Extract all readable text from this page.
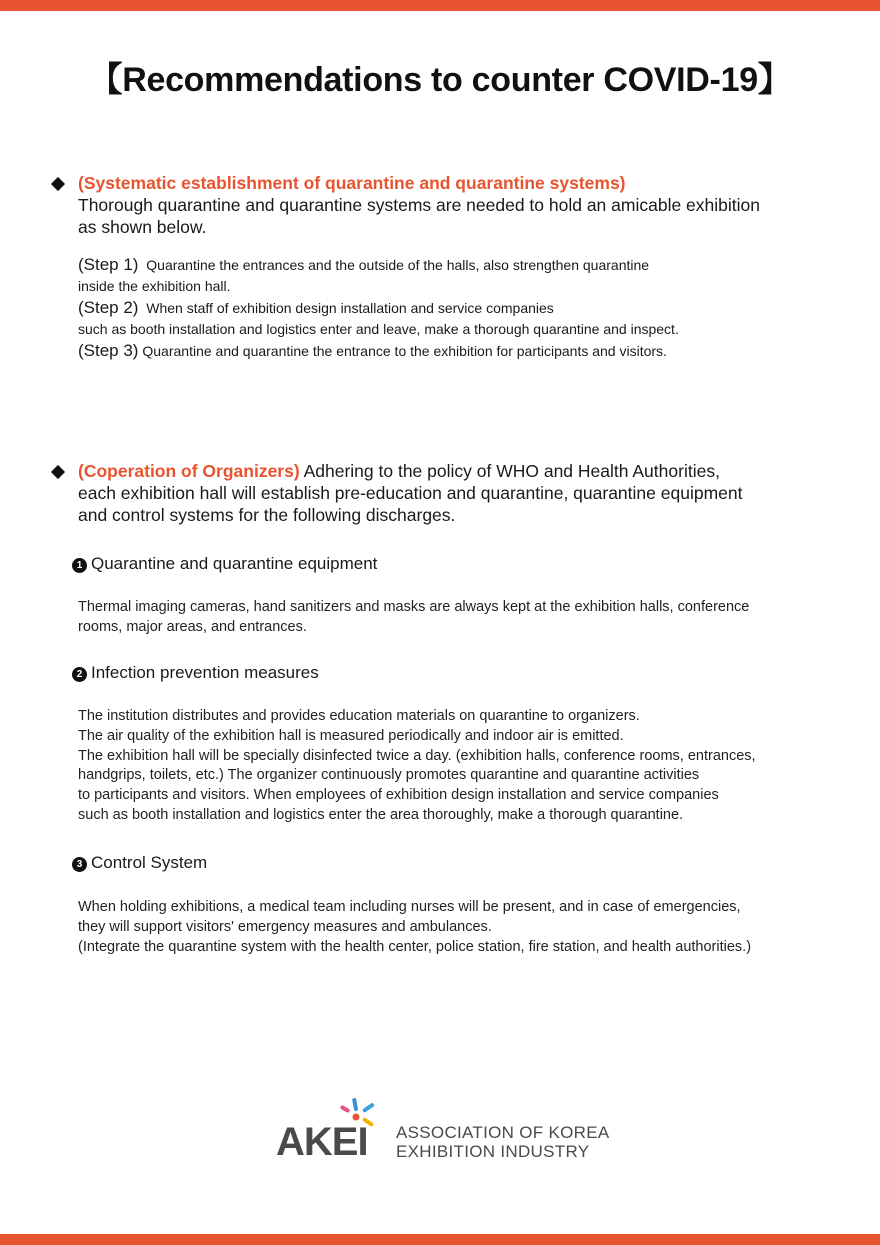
【Recommendations to counter COVID-19】
(Systematic establishment of quarantine and quarantine systems)
Thorough quarantine and quarantine systems are needed to hold an amicable exhibition
as shown below.
(Step 1) Quarantine the entrances and the outside of the halls, also strengthen quarantine
inside the exhibition hall.
(Step 2) When staff of exhibition design installation and service companies
such as booth installation and logistics enter and leave, make a thorough quarantine and inspect.
(Step 3) Quarantine and quarantine the entrance to the exhibition for participants and visitors.
(Coperation of Organizers) Adhering to the policy of WHO and Health Authorities,
each exhibition hall will establish pre-education and quarantine, quarantine equipment
and control systems for the following discharges.
1 Quarantine and quarantine equipment
Thermal imaging cameras, hand sanitizers and masks are always kept at the exhibition halls, conference
rooms, major areas, and entrances.
2 Infection prevention measures
The institution distributes and provides education materials on quarantine to organizers.
The air quality of the exhibition hall is measured periodically and indoor air is emitted.
The exhibition hall will be specially disinfected twice a day. (exhibition halls, conference rooms, entrances,
handgrips, toilets, etc.) The organizer continuously promotes quarantine and quarantine activities
to participants and visitors. When employees of exhibition design installation and service companies
such as booth installation and logistics enter the area thoroughly, make a thorough quarantine.
3 Control System
When holding exhibitions, a medical team including nurses will be present, and in case of emergencies,
they will support visitors' emergency measures and ambulances.
(Integrate the quarantine system with the health center, police station, fire station, and health authorities.)
AKEI ASSOCIATION OF KOREA
EXHIBITION INDUSTRY
